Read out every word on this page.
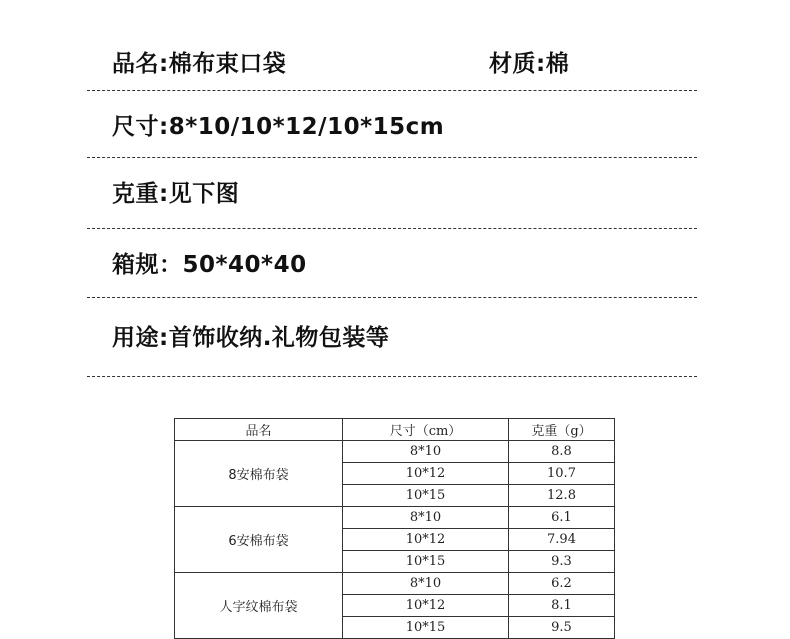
品名:棉布束口袋	材质:棉
尺寸:8*10/10*12/10*15cm
克重:见下图
箱规：50*40*40
用途:首饰收纳.礼物包装等
品名	尺寸（cm）	克重（g）
8安棉布袋	8*10	8.8
	10*12	10.7
	10*15	12.8
6安棉布袋	8*10	6.1
	10*12	7.94
	10*15	9.3
人字纹棉布袋	8*10	6.2
	10*12	8.1
	10*15	9.5
